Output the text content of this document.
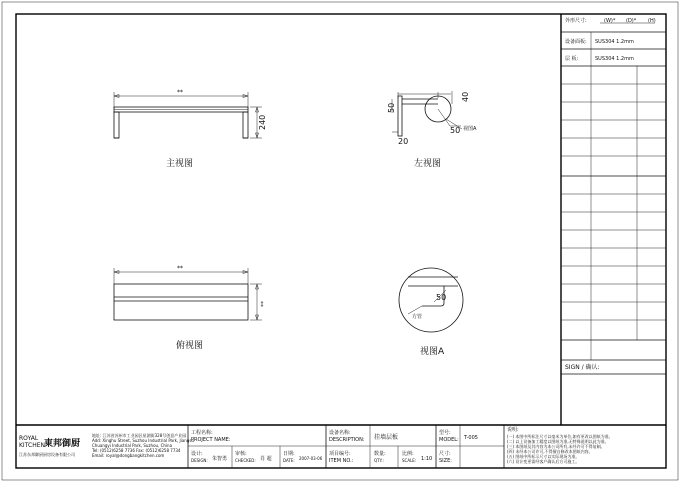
外形尺寸:	(W)* (D)* (H)
设备面板: SUS304 1.2mm
层 板:	SUS304 1.2mm
SIGN / 确认:
**
240
主视图
40
50
20
50 视图A
左视图
**
**
俯视图
50
方管
视图A
ROYAL
KITCHEN 東邦御厨
江苏东邦御厨厨房设备有限公司
地址: 江苏省苏州市工业园区星湖街328号创意产业园
Add: Xinghu Street, Suzhou Industrial Park, Jiangsu
Chuangyi Industrial Park, Suzhou, China
Tel: (0512)6258 7736 Fax: (0512)6258 7734
Email: royal@dongbangkitchen.com
工程名称:
PROJECT NAME:
设计:
DESIGN: 朱智勇
审核:
CHECKED: 肖 超
日期:
DATE: 2007-03-06
设备名称:
DESCRIPTION: 挂墙层板
项目编号:
ITEM NO.:
数量:
QTY.:
比例:
SCALE: 1:10
型号:
MODEL: T-005
尺寸:
SIZE:
说明:
(一) 本图中所标注尺寸以毫米为单位,如有更改以图纸为准。
(二) 以上设备加工精度以图纸为准,无特殊说明以此为准。
(三) 本图纸及其内容为本公司所有,未经许可不得复制。
(四) 未经本公司许可,不得擅自修改本图纸内容。
(五) 图纸中所标示尺寸以实际现场为准。
(六) 设计变更需经客户确认后方可施工。
